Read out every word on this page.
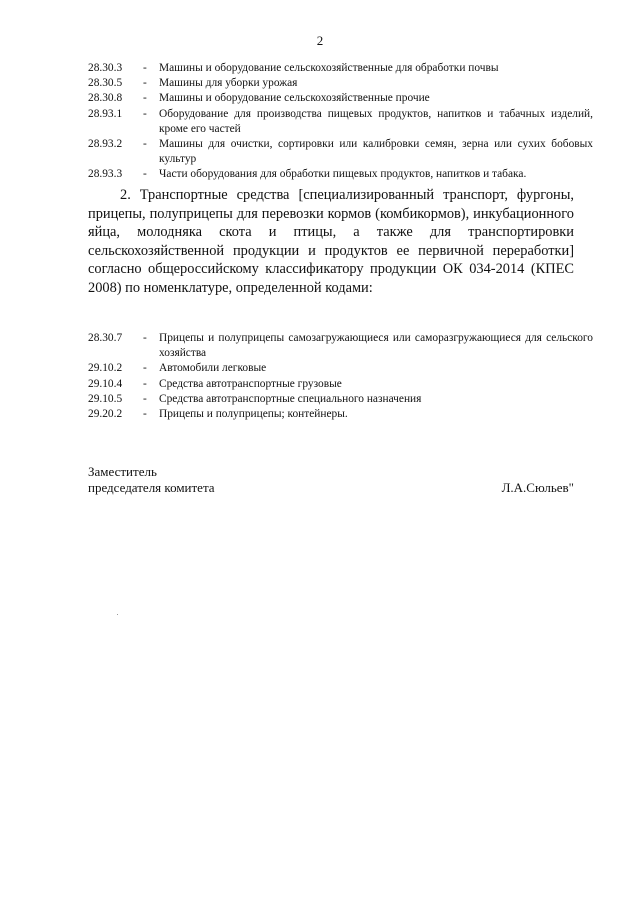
2
28.30.3	-	Машины и оборудование сельскохозяйственные для обработки почвы
28.30.5	-	Машины для уборки урожая
28.30.8	-	Машины и оборудование сельскохозяйственные прочие
28.93.1	-	Оборудование для производства пищевых продуктов, напитков и табачных изделий, кроме его частей
28.93.2	-	Машины для очистки, сортировки или калибровки семян, зерна или сухих бобовых культур
28.93.3	-	Части оборудования для обработки пищевых продуктов, напитков и табака.
2. Транспортные средства [специализированный транспорт, фургоны, прицепы, полуприцепы для перевозки кормов (комбикормов), инкубационного яйца, молодняка скота и птицы, а также для транспортировки сельскохозяйственной продукции и продуктов ее первичной переработки] согласно общероссийскому классификатору продукции ОК 034-2014 (КПЕС 2008) по номенклатуре, определенной кодами:
28.30.7	-	Прицепы и полуприцепы самозагружающиеся или саморазгружающиеся для сельского хозяйства
29.10.2	-	Автомобили легковые
29.10.4	-	Средства автотранспортные грузовые
29.10.5	-	Средства автотранспортные специального назначения
29.20.2	-	Прицепы и полуприцепы; контейнеры.
Заместитель
председателя комитета	Л.А.Сюльев"
